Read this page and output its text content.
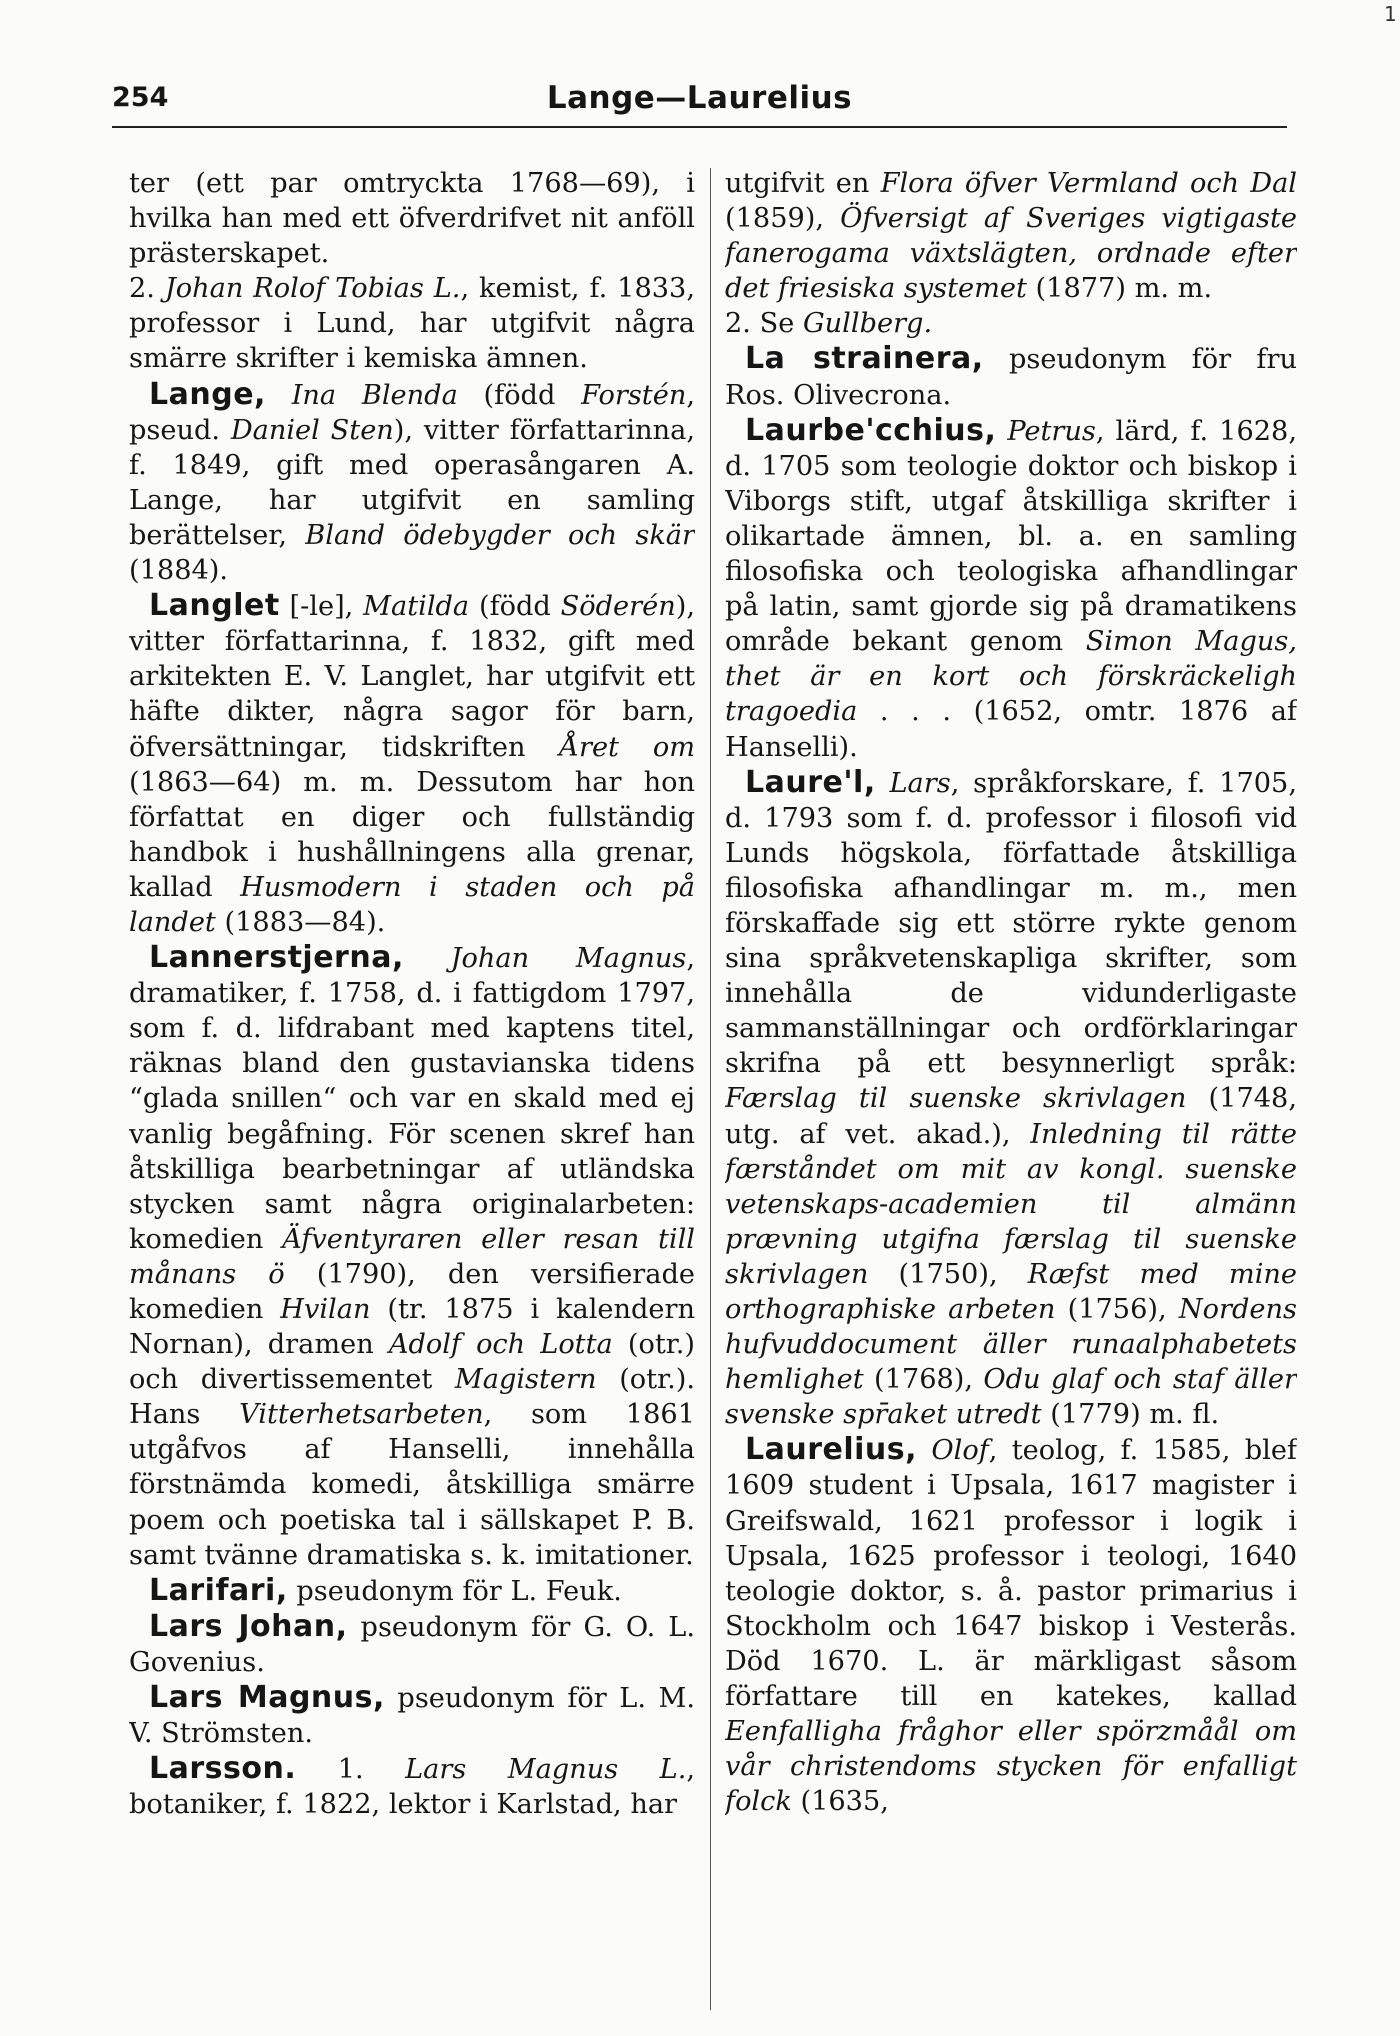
254	Lange—Laurelius
1

ter (ett par omtryckta 1768—69), i hvilka han med ett öfverdrifvet nit anföll prästerskapet.

2. Johan Rolof Tobias L., kemist, f. 1833, professor i Lund, har utgifvit några smärre skrifter i kemiska ämnen.

Lange, Ina Blenda (född Forstén, pseud. Daniel Sten), vitter författarinna, f. 1849, gift med operasångaren A. Lange, har utgifvit en samling berättelser, Bland ödebygder och skär (1884).

Langlet [-le], Matilda (född Söderén), vitter författarinna, f. 1832, gift med arkitekten E. V. Langlet, har utgifvit ett häfte dikter, några sagor för barn, öfversättningar, tidskriften Året om (1863—64) m. m. Dessutom har hon författat en diger och fullständig handbok i hushållningens alla grenar, kallad Husmodern i staden och på landet (1883—84).

Lannerstjerna, Johan Magnus, dramatiker, f. 1758, d. i fattigdom 1797, som f. d. lifdrabant med kaptens titel, räknas bland den gustavianska tidens “glada snillen“ och var en skald med ej vanlig begåfning. För scenen skref han åtskilliga bearbetningar af utländska stycken samt några originalarbeten: komedien Äfventyraren eller resan till månans ö (1790), den versifierade komedien Hvilan (tr. 1875 i kalendern Nornan), dramen Adolf och Lotta (otr.) och divertissementet Magistern (otr.). Hans Vitterhetsarbeten, som 1861 utgåfvos af Hanselli, innehålla förstnämda komedi, åtskilliga smärre poem och poetiska tal i sällskapet P. B. samt tvänne dramatiska s. k. imitationer.

Larifari, pseudonym för L. Feuk.

Lars Johan, pseudonym för G. O. L. Govenius.

Lars Magnus, pseudonym för L. M. V. Strömsten.

Larsson. 1. Lars Magnus L., botaniker, f. 1822, lektor i Karlstad, har

utgifvit en Flora öfver Vermland och Dal (1859), Öfversigt af Sveriges vigtigaste fanerogama växtslägten, ordnade efter det friesiska systemet (1877) m. m.

2. Se Gullberg.

La strainera, pseudonym för fru Ros. Olivecrona.

Laurbe'cchius, Petrus, lärd, f. 1628, d. 1705 som teologie doktor och biskop i Viborgs stift, utgaf åtskilliga skrifter i olikartade ämnen, bl. a. en samling filosofiska och teologiska afhandlingar på latin, samt gjorde sig på dramatikens område bekant genom Simon Magus, thet är en kort och förskräckeligh tragoedia . . . (1652, omtr. 1876 af Hanselli).

Laure'l, Lars, språkforskare, f. 1705, d. 1793 som f. d. professor i filosofi vid Lunds högskola, författade åtskilliga filosofiska afhandlingar m. m., men förskaffade sig ett större rykte genom sina språkvetenskapliga skrifter, som innehålla de vidunderligaste sammanställningar och ordförklaringar skrifna på ett besynnerligt språk: Færslag til suenske skrivlagen (1748, utg. af vet. akad.), Inledning til rätte færståndet om mit av kongl. suenske vetenskaps-academien til almänn prævning utgifna færslag til suenske skrivlagen (1750), Ræfst med mine orthographiske arbeten (1756), Nordens hufvuddocument äller runaalphabetets hemlighet (1768), Odu glaf och staf äller svenske spr̄aket utredt (1779) m. fl.

Laurelius, Olof, teolog, f. 1585, blef 1609 student i Upsala, 1617 magister i Greifswald, 1621 professor i logik i Upsala, 1625 professor i teologi, 1640 teologie doktor, s. å. pastor primarius i Stockholm och 1647 biskop i Vesterås. Död 1670. L. är märkligast såsom författare till en katekes, kallad Eenfalligha fråghor eller spörzmåål om vår christendoms stycken för enfalligt folck (1635,
